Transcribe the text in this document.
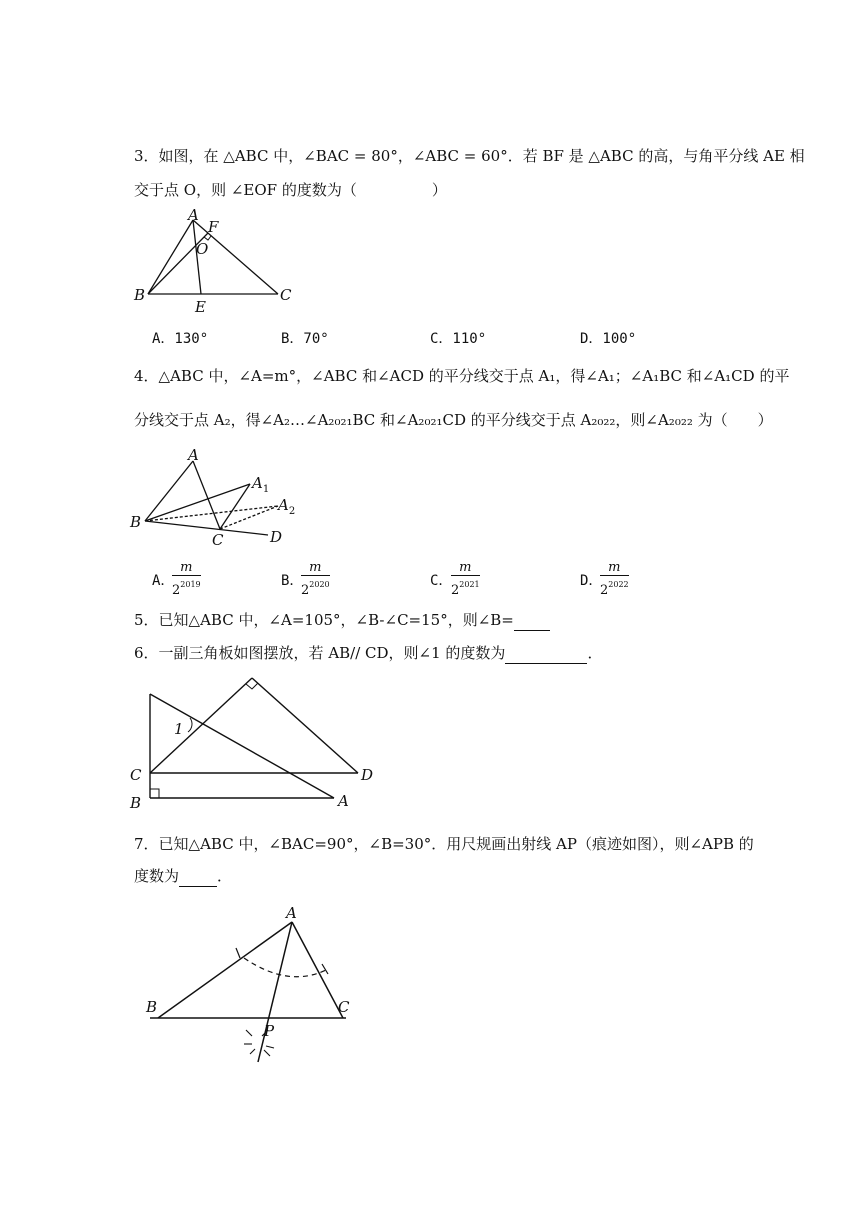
3．如图，在 △ABC 中，∠BAC = 80°，∠ABC = 60°．若 BF 是 △ABC 的高，与角平分线 AE 相
交于点 O，则 ∠EOF 的度数为（　　　　　）
A
F
O
B
E
C
A．130°	B．70°	C．110°	D．100°
4．△ABC 中，∠A=m°，∠ABC 和∠ACD 的平分线交于点 A₁，得∠A₁；∠A₁BC 和∠A₁CD 的平
分线交于点 A₂，得∠A₂…∠A₂₀₂₁BC 和∠A₂₀₂₁CD 的平分线交于点 A₂₀₂₂，则∠A₂₀₂₂ 为（　　）
A
$A_1$
$A_2$
B
C	D
A．
$\frac{m}{2^{2019}}$	B．
$\frac{m}{2^{2020}}$	C．
$\frac{m}{2^{2021}}$	D．
$\frac{m}{2^{2022}}$
5．已知△ABC 中，∠A=105°，∠B-∠C=15°，则∠B=
6．一副三角板如图摆放，若 AB// CD，则∠1 的度数为	．
1
C	D
B	A
7．已知△ABC 中，∠BAC=90°，∠B=30°．用尺规画出射线 AP（痕迹如图），则∠APB 的
度数为	．
A
B	C
P
